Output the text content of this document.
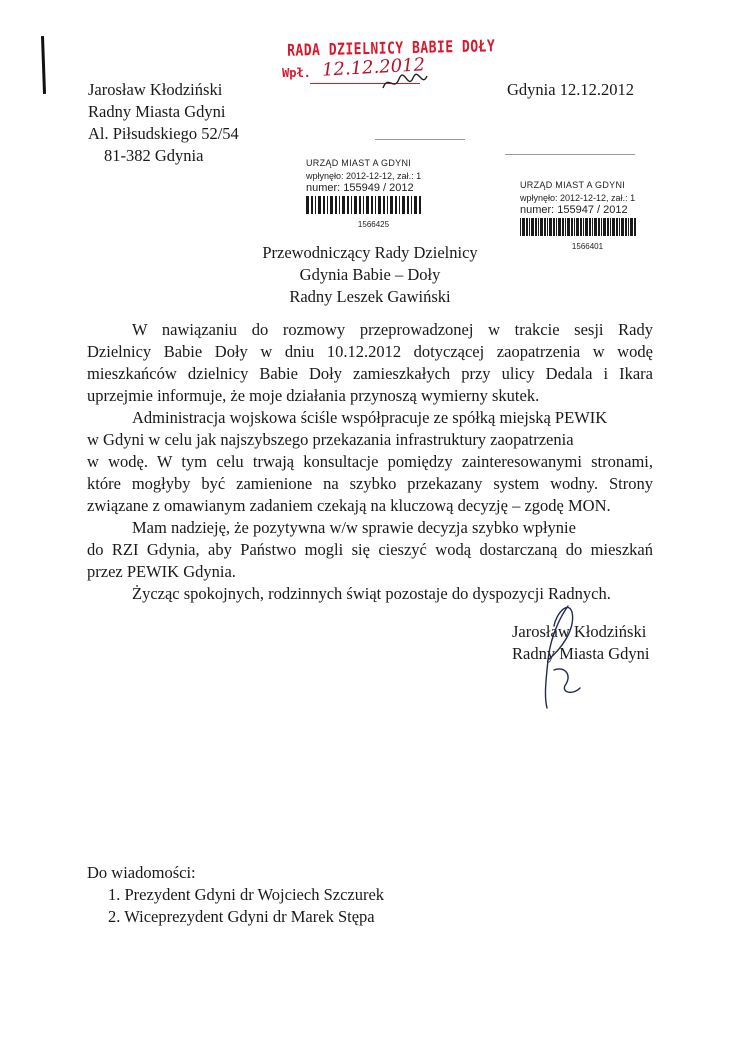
Jarosław Kłodziński
Radny Miasta Gdyni
Al. Piłsudskiego 52/54
81-382 Gdynia
Gdynia 12.12.2012
RADA DZIELNICY BABIE DOŁY
Wpł. 12.12.2012
URZĄD MIAST A GDYNI
wpłynęło: 2012-12-12, zał.: 1
numer: 155949 / 2012
1566425
URZĄD MIAST A GDYNI
wpłynęło: 2012-12-12, zał.: 1
numer: 155947 / 2012
1566401
Przewodniczący Rady Dzielnicy
Gdynia Babie – Doły
Radny Leszek Gawiński
W nawiązaniu do rozmowy przeprowadzonej w trakcie sesji Rady
Dzielnicy Babie Doły w dniu 10.12.2012 dotyczącej zaopatrzenia w wodę
mieszkańców dzielnicy Babie Doły zamieszkałych przy ulicy Dedala i Ikara
uprzejmie informuje, że moje działania przynoszą wymierny skutek.
Administracja wojskowa ściśle współpracuje ze spółką miejską PEWIK
w Gdyni w celu jak najszybszego przekazania infrastruktury zaopatrzenia
w wodę. W tym celu trwają konsultacje pomiędzy zainteresowanymi stronami,
które mogłyby być zamienione na szybko przekazany system wodny. Strony
związane z omawianym zadaniem czekają na kluczową decyzję – zgodę MON.
Mam nadzieję, że pozytywna w/w sprawie decyzja szybko wpłynie
do RZI Gdynia, aby Państwo mogli się cieszyć wodą dostarczaną do mieszkań
przez PEWIK Gdynia.
Życząc spokojnych, rodzinnych świąt pozostaje do dyspozycji Radnych.
Jarosław Kłodziński
Radny Miasta Gdyni
Do wiadomości:
1. Prezydent Gdyni dr Wojciech Szczurek
2. Wiceprezydent Gdyni dr Marek Stępa
